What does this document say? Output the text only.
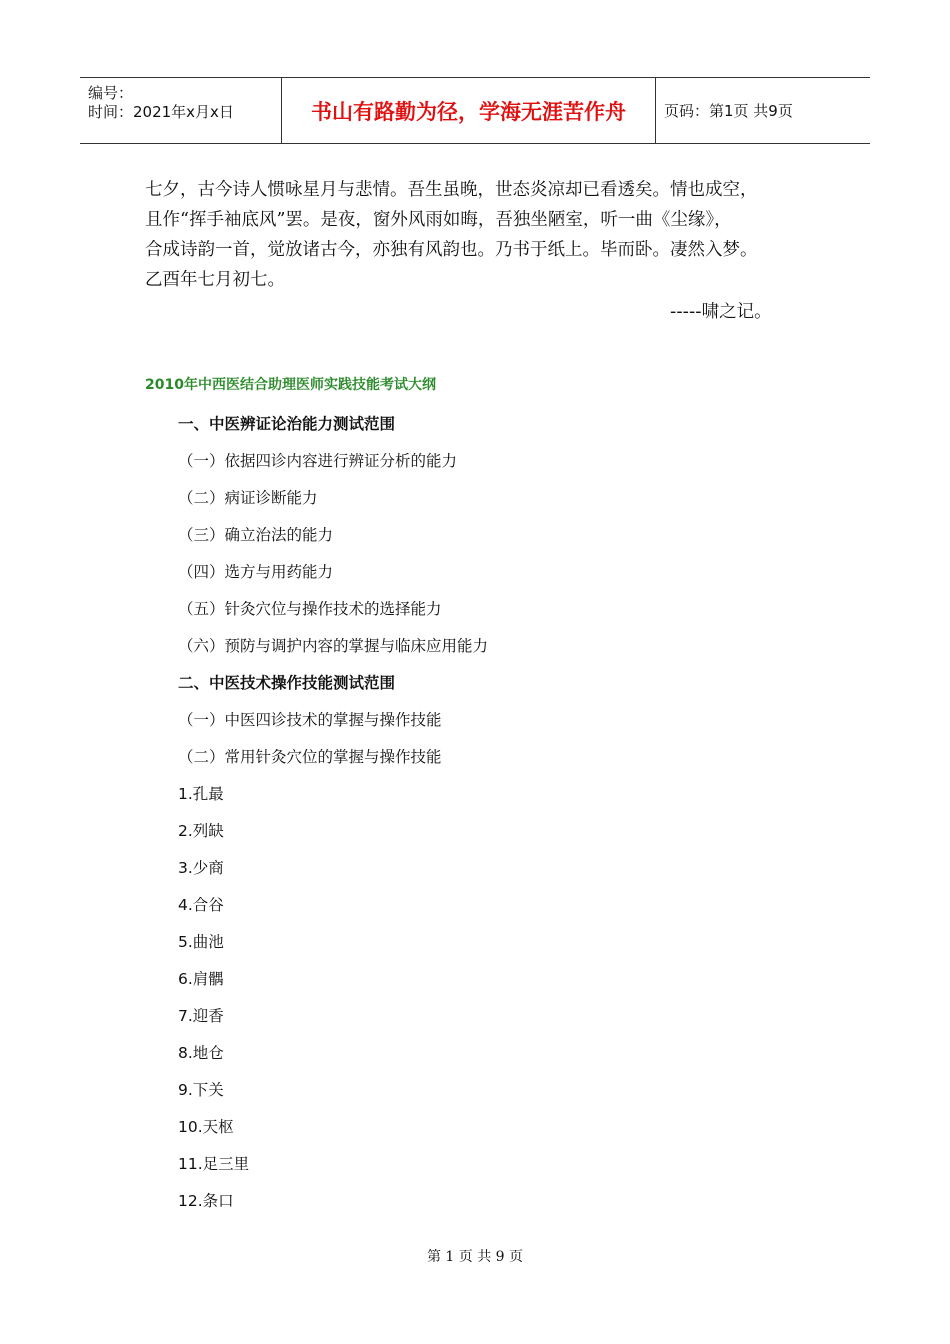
编号：
时间：2021年x月x日	书山有路勤为径，学海无涯苦作舟	页码：第1页 共9页

七夕，古今诗人惯咏星月与悲情。吾生虽晚，世态炎凉却已看透矣。情也成空，

且作“挥手袖底风”罢。是夜，窗外风雨如晦，吾独坐陋室，听一曲《尘缘》，

合成诗韵一首，觉放诸古今，亦独有风韵也。乃书于纸上。毕而卧。凄然入梦。

乙酉年七月初七。

-----啸之记。
2010年中西医结合助理医师实践技能考试大纲
一、中医辨证论治能力测试范围
（一）依据四诊内容进行辨证分析的能力
（二）病证诊断能力
（三）确立治法的能力
（四）选方与用药能力
（五）针灸穴位与操作技术的选择能力
（六）预防与调护内容的掌握与临床应用能力
二、中医技术操作技能测试范围
（一）中医四诊技术的掌握与操作技能
（二）常用针灸穴位的掌握与操作技能
1.孔最
2.列缺
3.少商
4.合谷
5.曲池
6.肩髃
7.迎香
8.地仓
9.下关
10.天枢
11.足三里
12.条口
第 1 页 共 9 页
